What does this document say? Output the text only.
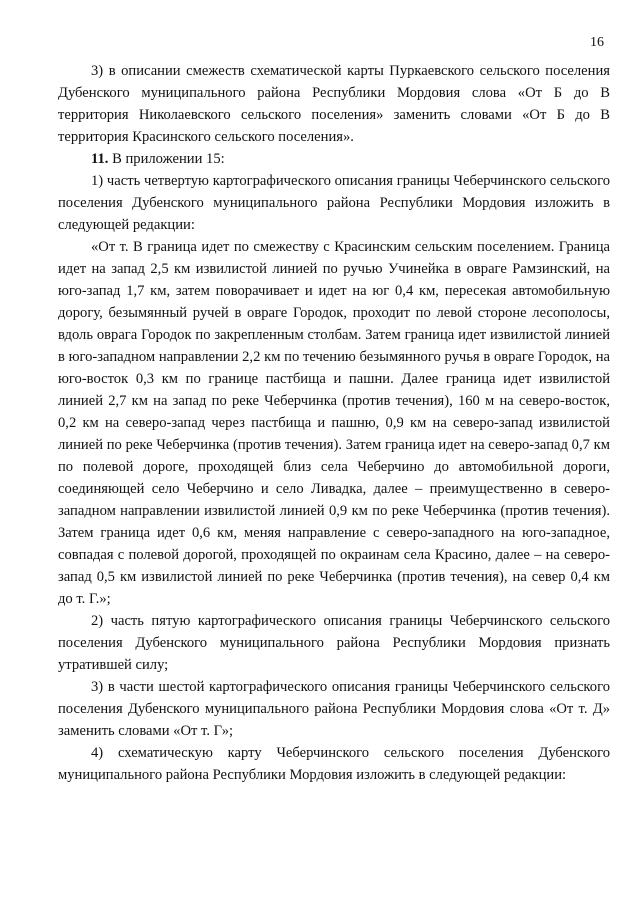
16

3) в описании смежеств схематической карты Пуркаевского сельского поселения Дубенского муниципального района Республики Мордовия слова «От Б до В территория Николаевского сельского поселения» заменить словами «От Б до В территория Красинского сельского поселения».

11. В приложении 15:

1) часть четвертую картографического описания границы Чеберчинского сельского поселения Дубенского муниципального района Республики Мордовия изложить в следующей редакции:

«От т. В граница идет по смежеству с Красинским сельским поселением. Граница идет на запад 2,5 км извилистой линией по ручью Учинейка в овраге Рамзинский, на юго-запад 1,7 км, затем поворачивает и идет на юг 0,4 км, пересекая автомобильную дорогу, безымянный ручей в овраге Городок, проходит по левой стороне лесополосы, вдоль оврага Городок по закрепленным столбам. Затем граница идет извилистой линией в юго-западном направлении 2,2 км по течению безымянного ручья в овраге Городок, на юго-восток 0,3 км по границе пастбища и пашни. Далее граница идет извилистой линией 2,7 км на запад по реке Чеберчинка (против течения), 160 м на северо-восток, 0,2 км на северо-запад через пастбища и пашню, 0,9 км на северо-запад извилистой линией по реке Чеберчинка (против течения). Затем граница идет на северо-запад 0,7 км по полевой дороге, проходящей близ села Чеберчино до автомобильной дороги, соединяющей село Чеберчино и село Ливадка, далее – преимущественно в северо-западном направлении извилистой линией 0,9 км по реке Чеберчинка (против течения). Затем граница идет 0,6 км, меняя направление с северо-западного на юго-западное, совпадая с полевой дорогой, проходящей по окраинам села Красино, далее – на северо-запад 0,5 км извилистой линией по реке Чеберчинка (против течения), на север 0,4 км до т. Г.»;

2) часть пятую картографического описания границы Чеберчинского сельского поселения Дубенского муниципального района Республики Мордовия признать утратившей силу;

3) в части шестой картографического описания границы Чеберчинского сельского поселения Дубенского муниципального района Республики Мордовия слова «От т. Д» заменить словами «От т. Г»;

4) схематическую карту Чеберчинского сельского поселения Дубенского муниципального района Республики Мордовия изложить в следующей редакции:
